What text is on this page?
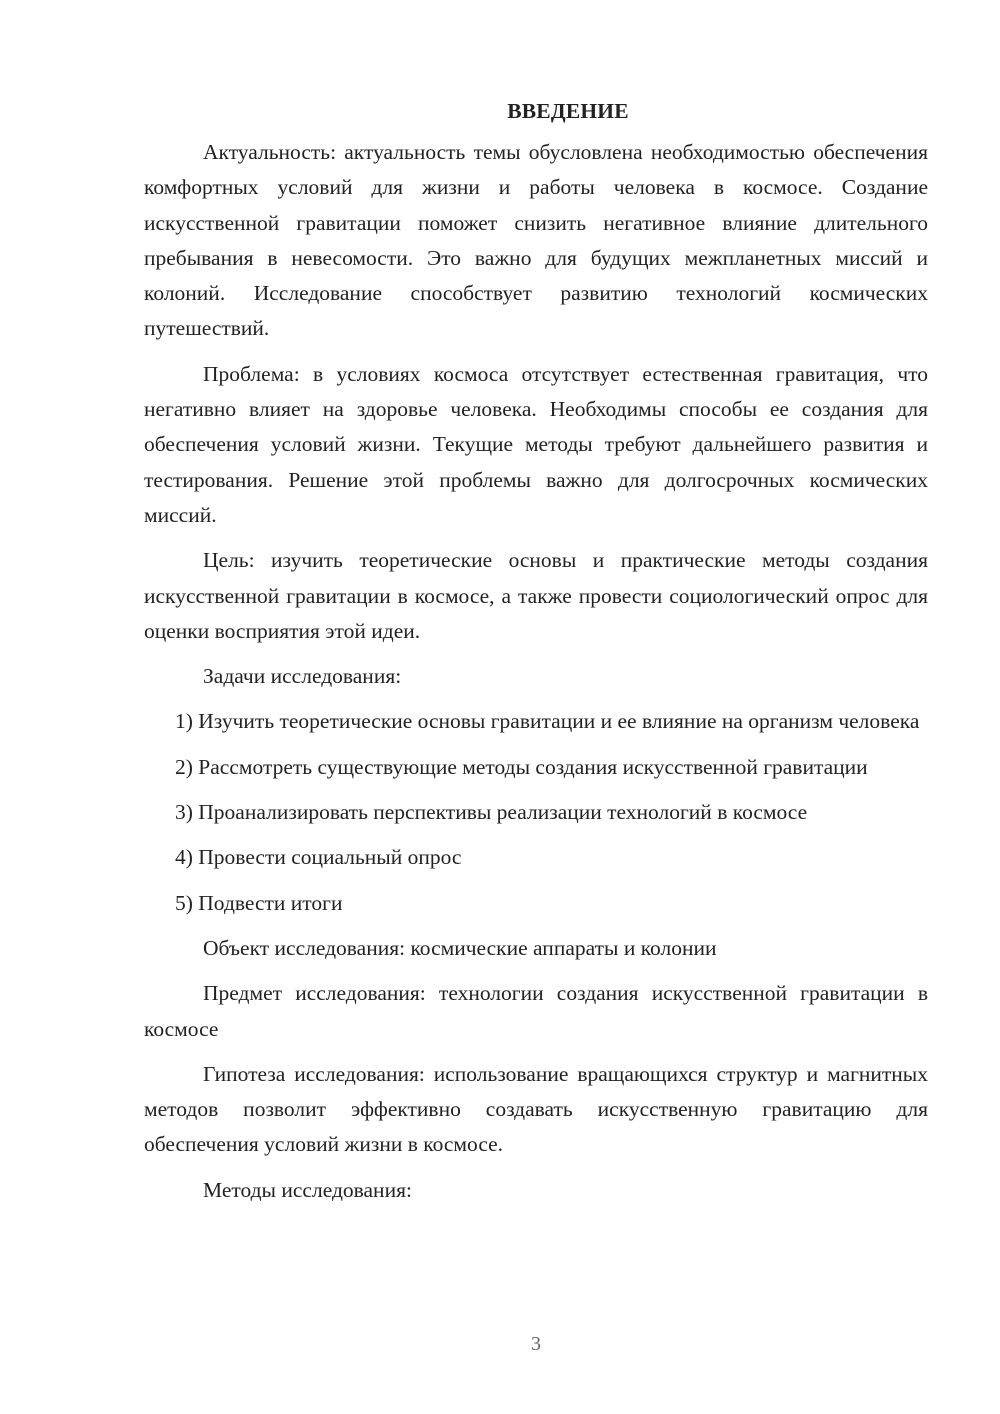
ВВЕДЕНИЕ

Актуальность: актуальность темы обусловлена необходимостью обеспечения комфортных условий для жизни и работы человека в космосе. Создание искусственной гравитации поможет снизить негативное влияние длительного пребывания в невесомости. Это важно для будущих межпланетных миссий и колоний. Исследование способствует развитию технологий космических путешествий.

Проблема: в условиях космоса отсутствует естественная гравитация, что негативно влияет на здоровье человека. Необходимы способы ее создания для обеспечения условий жизни. Текущие методы требуют дальнейшего развития и тестирования. Решение этой проблемы важно для долгосрочных космических миссий.

Цель: изучить теоретические основы и практические методы создания искусственной гравитации в космосе, а также провести социологический опрос для оценки восприятия этой идеи.

Задачи исследования:

1) Изучить теоретические основы гравитации и ее влияние на организм человека

2) Рассмотреть существующие методы создания искусственной гравитации

3) Проанализировать перспективы реализации технологий в космосе

4) Провести социальный опрос

5) Подвести итоги

Объект исследования: космические аппараты и колонии

Предмет исследования: технологии создания искусственной гравитации в космосе

Гипотеза исследования: использование вращающихся структур и магнитных методов позволит эффективно создавать искусственную гравитацию для обеспечения условий жизни в космосе.

Методы исследования:

3
